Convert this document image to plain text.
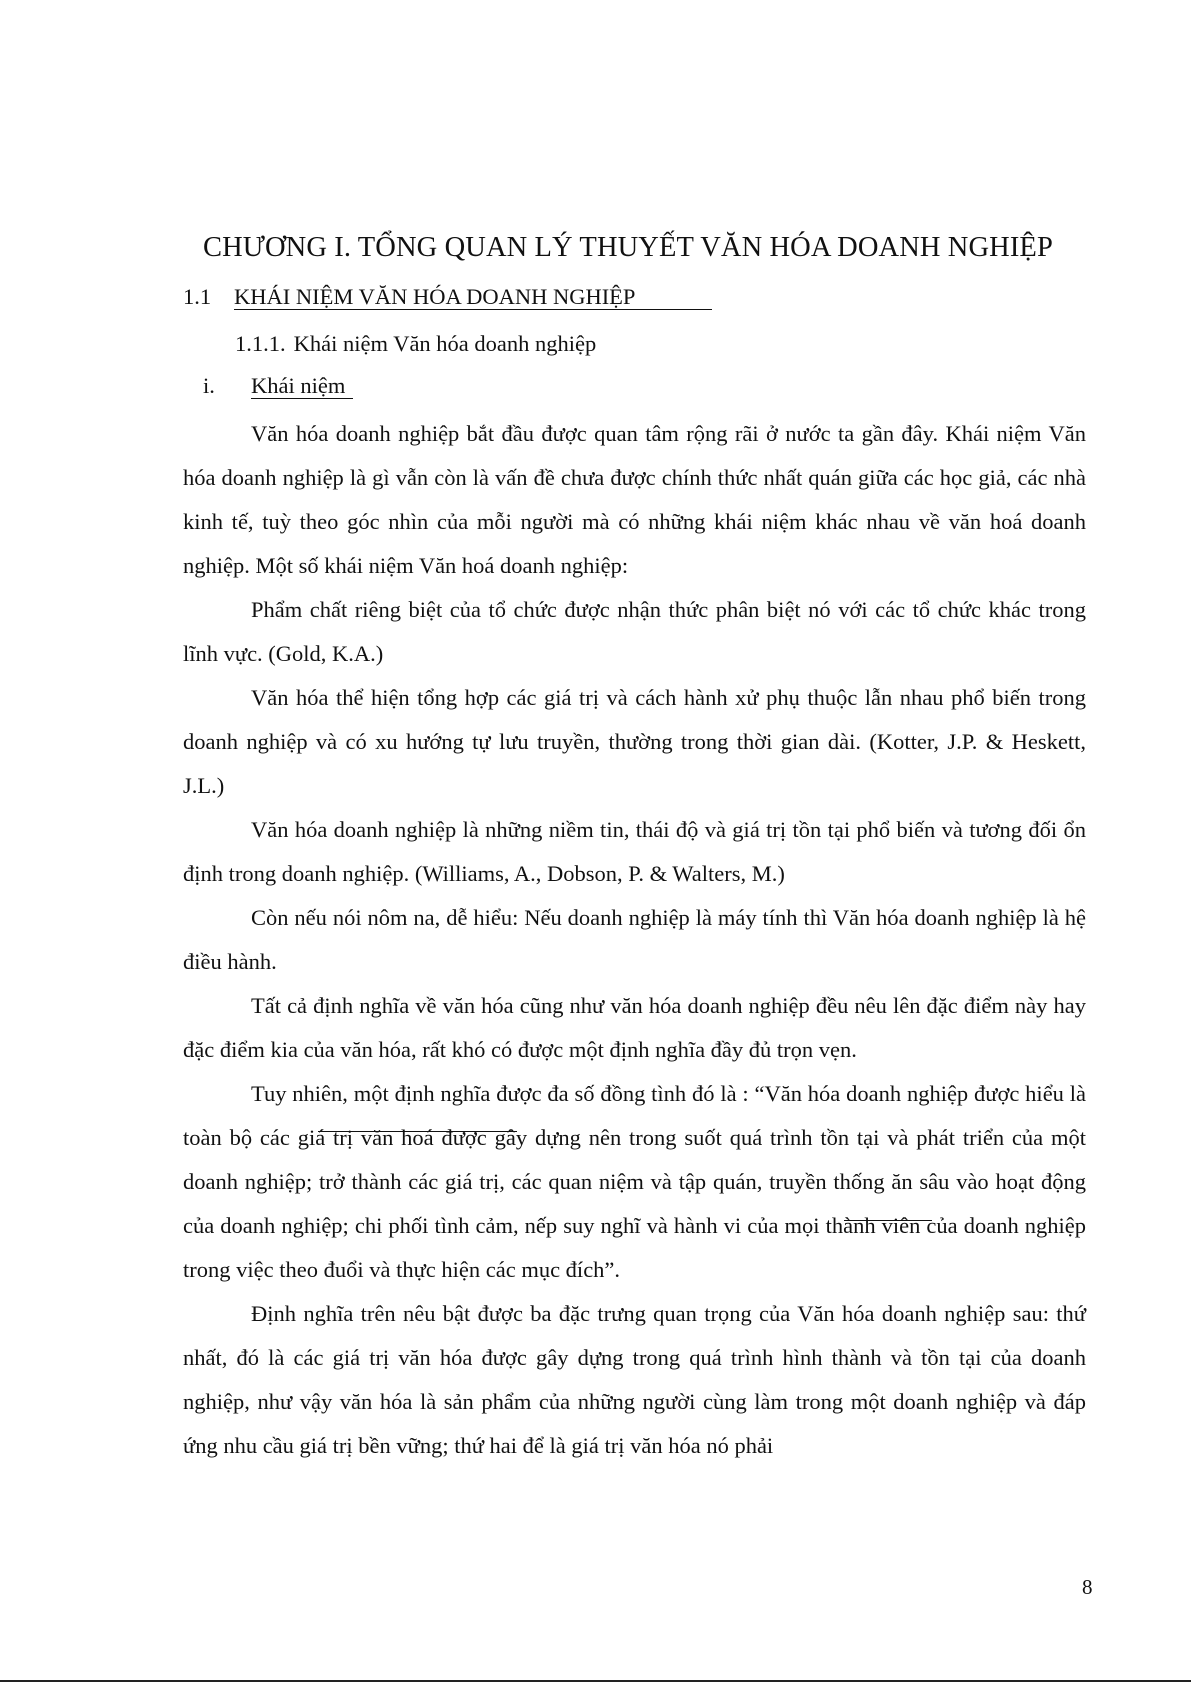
CHƯƠNG I. TỔNG QUAN LÝ THUYẾT VĂN HÓA DOANH NGHIỆP
1.1 KHÁI NIỆM VĂN HÓA DOANH NGHIỆP
1.1.1. Khái niệm Văn hóa doanh nghiệp
i. Khái niệm

Văn hóa doanh nghiệp bắt đầu được quan tâm rộng rãi ở nước ta gần đây. Khái niệm Văn hóa doanh nghiệp là gì vẫn còn là vấn đề chưa được chính thức nhất quán giữa các học giả, các nhà kinh tế, tuỳ theo góc nhìn của mỗi người mà có những khái niệm khác nhau về văn hoá doanh nghiệp. Một số khái niệm Văn hoá doanh nghiệp:

Phẩm chất riêng biệt của tổ chức được nhận thức phân biệt nó với các tổ chức khác trong lĩnh vực. (Gold, K.A.)

Văn hóa thể hiện tổng hợp các giá trị và cách hành xử phụ thuộc lẫn nhau phổ biến trong doanh nghiệp và có xu hướng tự lưu truyền, thường trong thời gian dài. (Kotter, J.P. & Heskett, J.L.)

Văn hóa doanh nghiệp là những niềm tin, thái độ và giá trị tồn tại phổ biến và tương đối ổn định trong doanh nghiệp. (Williams, A., Dobson, P. & Walters, M.)

Còn nếu nói nôm na, dễ hiểu: Nếu doanh nghiệp là máy tính thì Văn hóa doanh nghiệp là hệ điều hành.

Tất cả định nghĩa về văn hóa cũng như văn hóa doanh nghiệp đều nêu lên đặc điểm này hay đặc điểm kia của văn hóa, rất khó có được một định nghĩa đầy đủ trọn vẹn.

Tuy nhiên, một định nghĩa được đa số đồng tình đó là : “Văn hóa doanh nghiệp được hiểu là toàn bộ các giá trị văn hoá được gây dựng nên trong suốt quá trình tồn tại và phát triển của một doanh nghiệp; trở thành các giá trị, các quan niệm và tập quán, truyền thống ăn sâu vào hoạt động của doanh nghiệp; chi phối tình cảm, nếp suy nghĩ và hành vi của mọi thành viên của doanh nghiệp trong việc theo đuổi và thực hiện các mục đích”.

Định nghĩa trên nêu bật được ba đặc trưng quan trọng của Văn hóa doanh nghiệp sau: thứ nhất, đó là các giá trị văn hóa được gây dựng trong quá trình hình thành và tồn tại của doanh nghiệp, như vậy văn hóa là sản phẩm của những người cùng làm trong một doanh nghiệp và đáp ứng nhu cầu giá trị bền vững; thứ hai để là giá trị văn hóa nó phải

8
